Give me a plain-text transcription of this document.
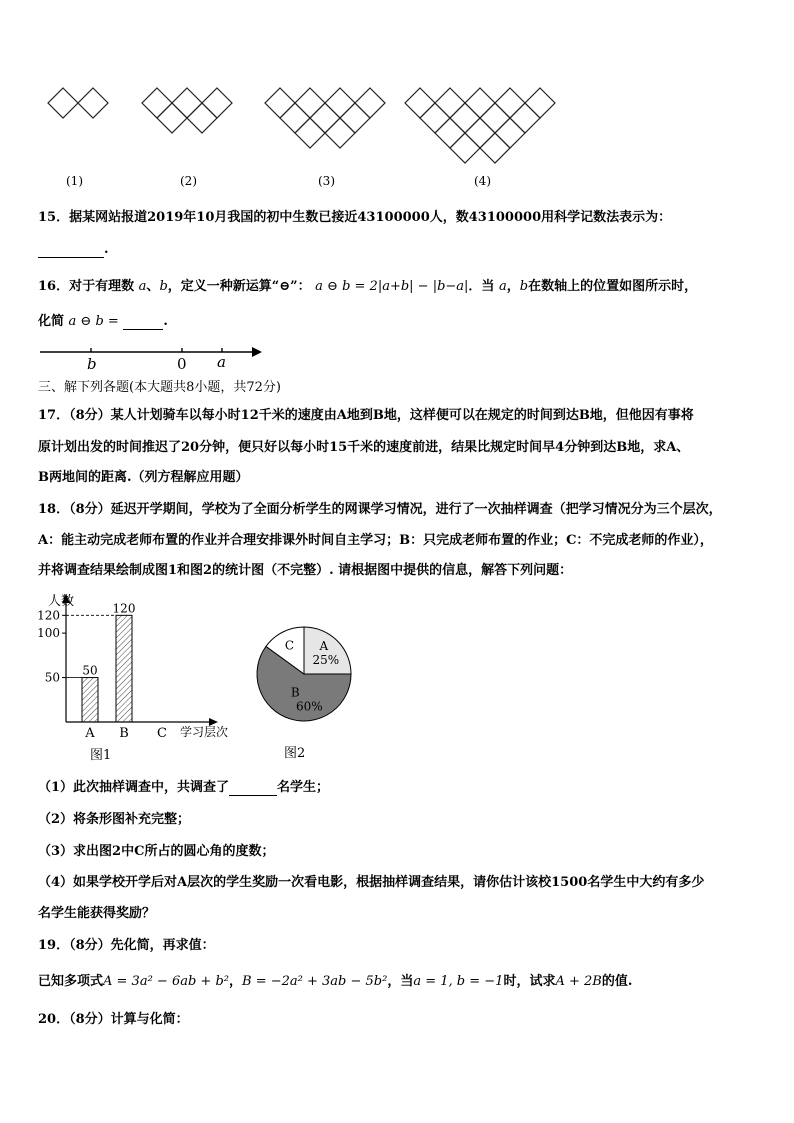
(1)	(2)	(3)	(4)
15．据某网站报道2019年10月我国的初中生数已接近43100000人，数43100000用科学记数法表示为：
.
16．对于有理数 a、b，定义一种新运算“⊖”： a ⊖ b = 2|a+b| − |b−a|．当 a，b在数轴上的位置如图所示时，
化简 a ⊖ b =	.
b	0 a
三、解下列各题(本大题共8小题，共72分)
17．（8分）某人计划骑车以每小时12千米的速度由A地到B地，这样便可以在规定的时间到达B地，但他因有事将
原计划出发的时间推迟了20分钟，便只好以每小时15千米的速度前进，结果比规定时间早4分钟到达B地，求A、
B两地间的距离.（列方程解应用题）
18．（8分）延迟开学期间，学校为了全面分析学生的网课学习情况，进行了一次抽样调查（把学习情况分为三个层次，
A：能主动完成老师布置的作业并合理安排课外时间自主学习；B：只完成老师布置的作业；C：不完成老师的作业），
并将调查结果绘制成图1和图2的统计图（不完整）. 请根据图中提供的信息，解答下列问题：
人数
学习层次
50
100
120
50
120
A B C
图1
A
25%
B
60%
C
图2
（1）此次抽样调查中，共调查了	名学生；
（2）将条形图补充完整；
（3）求出图2中C所占的圆心角的度数；
（4）如果学校开学后对A层次的学生奖励一次看电影，根据抽样调查结果，请你估计该校1500名学生中大约有多少
名学生能获得奖励？
19．（8分）先化简，再求值：
已知多项式A = 3a² − 6ab + b²，B = −2a² + 3ab − 5b²，当a = 1, b = −1时，试求A + 2B的值.
20．（8分）计算与化简：
